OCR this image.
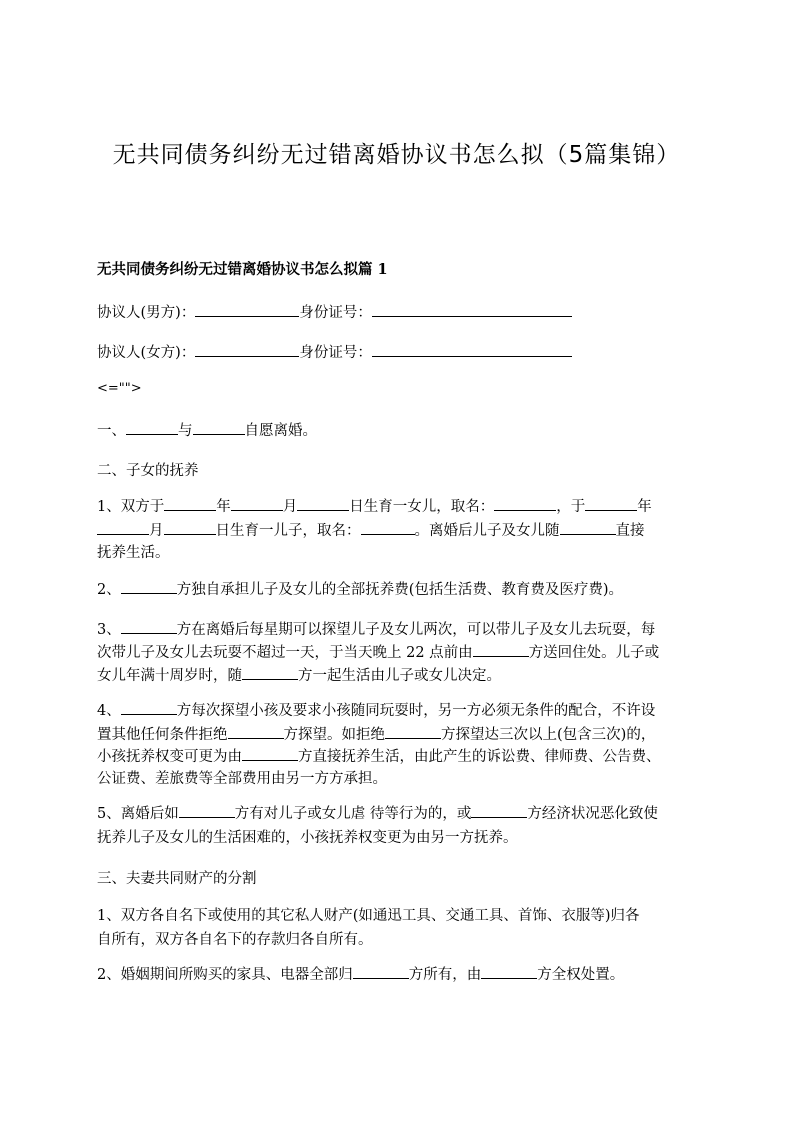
无共同债务纠纷无过错离婚协议书怎么拟（5篇集锦）
无共同债务纠纷无过错离婚协议书怎么拟篇 1
协议人(男方)：	身份证号：
协议人(女方)：	身份证号：
<="">
一、	与	自愿离婚。
二、子女的抚养
1、双方于	年	月	日生育一女儿，取名：	，于	年
月	日生育一儿子，取名：	。离婚后儿子及女儿随	直接
抚养生活。
2、	方独自承担儿子及女儿的全部抚养费(包括生活费、教育费及医疗费)。
3、	方在离婚后每星期可以探望儿子及女儿两次，可以带儿子及女儿去玩耍，每
次带儿子及女儿去玩耍不超过一天，于当天晚上 22 点前由	方送回住处。儿子或
女儿年满十周岁时，随	方一起生活由儿子或女儿决定。
4、	方每次探望小孩及要求小孩随同玩耍时，另一方必须无条件的配合，不许设
置其他任何条件拒绝	方探望。如拒绝	方探望达三次以上(包含三次)的，
小孩抚养权变可更为由	方直接抚养生活，由此产生的诉讼费、律师费、公告费、
公证费、差旅费等全部费用由另一方方承担。
5、离婚后如	方有对儿子或女儿虐 待等行为的，或	方经济状况恶化致使
抚养儿子及女儿的生活困难的，小孩抚养权变更为由另一方抚养。
三、夫妻共同财产的分割
1、双方各自名下或使用的其它私人财产(如通迅工具、交通工具、首饰、衣服等)归各
自所有，双方各自名下的存款归各自所有。
2、婚姻期间所购买的家具、电器全部归	方所有，由	方全权处置。
